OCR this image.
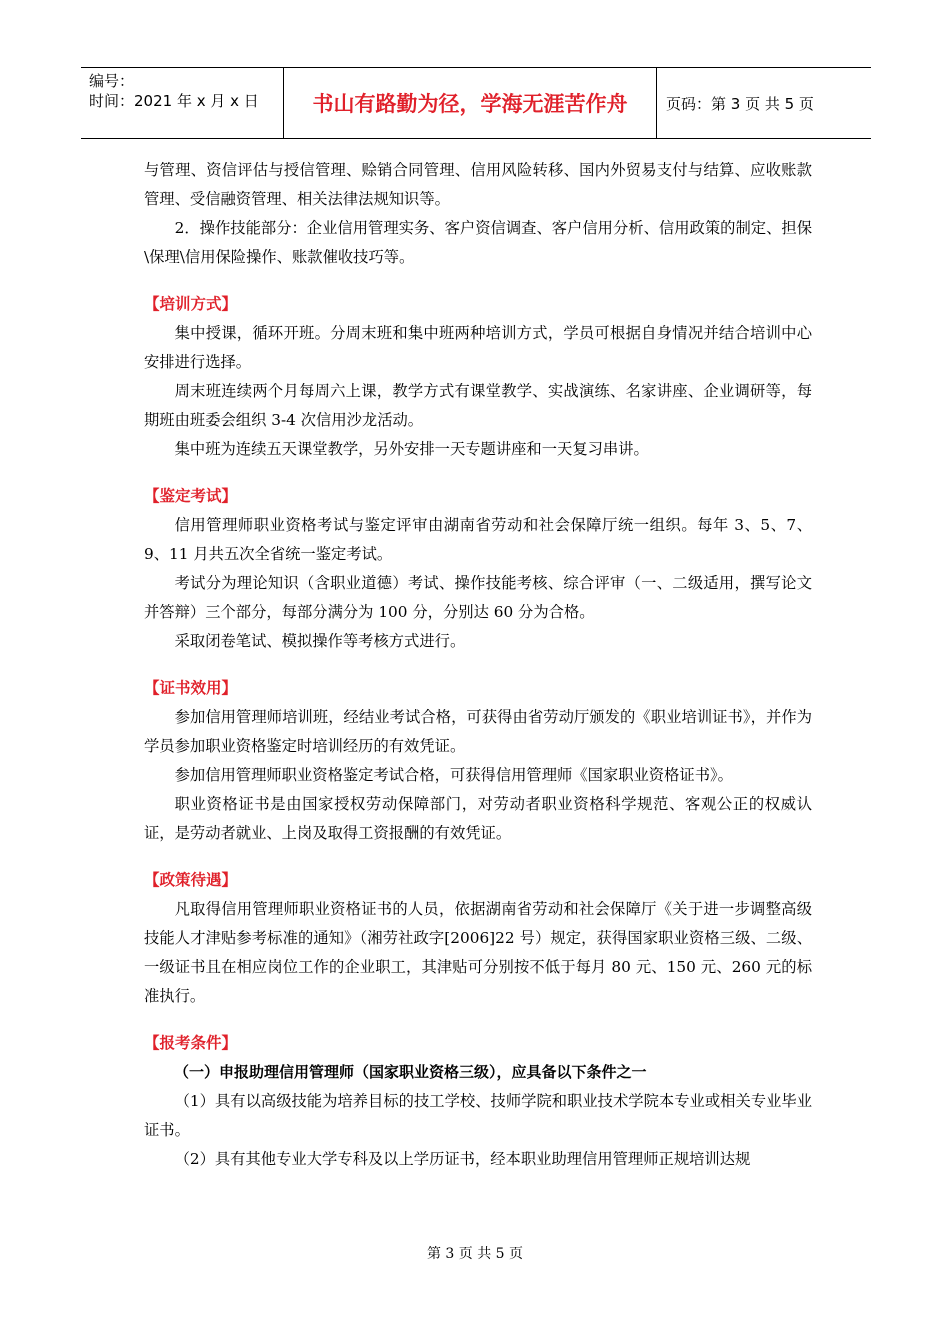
编号：
时间：2021 年 x 月 x 日	书山有路勤为径，学海无涯苦作舟	页码：第 3 页 共 5 页

与管理、资信评估与授信管理、赊销合同管理、信用风险转移、国内外贸易支付与结算、应收账款管理、受信融资管理、相关法律法规知识等。

2．操作技能部分：企业信用管理实务、客户资信调查、客户信用分析、信用政策的制定、担保\保理\信用保险操作、账款催收技巧等。

【培训方式】

集中授课，循环开班。分周末班和集中班两种培训方式，学员可根据自身情况并结合培训中心安排进行选择。

周末班连续两个月每周六上课，教学方式有课堂教学、实战演练、名家讲座、企业调研等，每期班由班委会组织 3-4 次信用沙龙活动。

集中班为连续五天课堂教学，另外安排一天专题讲座和一天复习串讲。

【鉴定考试】

信用管理师职业资格考试与鉴定评审由湖南省劳动和社会保障厅统一组织。每年 3、5、7、9、11 月共五次全省统一鉴定考试。

考试分为理论知识（含职业道德）考试、操作技能考核、综合评审（一、二级适用，撰写论文并答辩）三个部分，每部分满分为 100 分，分别达 60 分为合格。

采取闭卷笔试、模拟操作等考核方式进行。

【证书效用】

参加信用管理师培训班，经结业考试合格，可获得由省劳动厅颁发的《职业培训证书》，并作为学员参加职业资格鉴定时培训经历的有效凭证。

参加信用管理师职业资格鉴定考试合格，可获得信用管理师《国家职业资格证书》。

职业资格证书是由国家授权劳动保障部门，对劳动者职业资格科学规范、客观公正的权威认证，是劳动者就业、上岗及取得工资报酬的有效凭证。

【政策待遇】

凡取得信用管理师职业资格证书的人员，依据湖南省劳动和社会保障厅《关于进一步调整高级技能人才津贴参考标准的通知》（湘劳社政字[2006]22 号）规定，获得国家职业资格三级、二级、一级证书且在相应岗位工作的企业职工，其津贴可分别按不低于每月 80 元、150 元、260 元的标准执行。

【报考条件】

（一）申报助理信用管理师（国家职业资格三级），应具备以下条件之一

（1）具有以高级技能为培养目标的技工学校、技师学院和职业技术学院本专业或相关专业毕业证书。

（2）具有其他专业大学专科及以上学历证书，经本职业助理信用管理师正规培训达规

第 3 页 共 5 页
